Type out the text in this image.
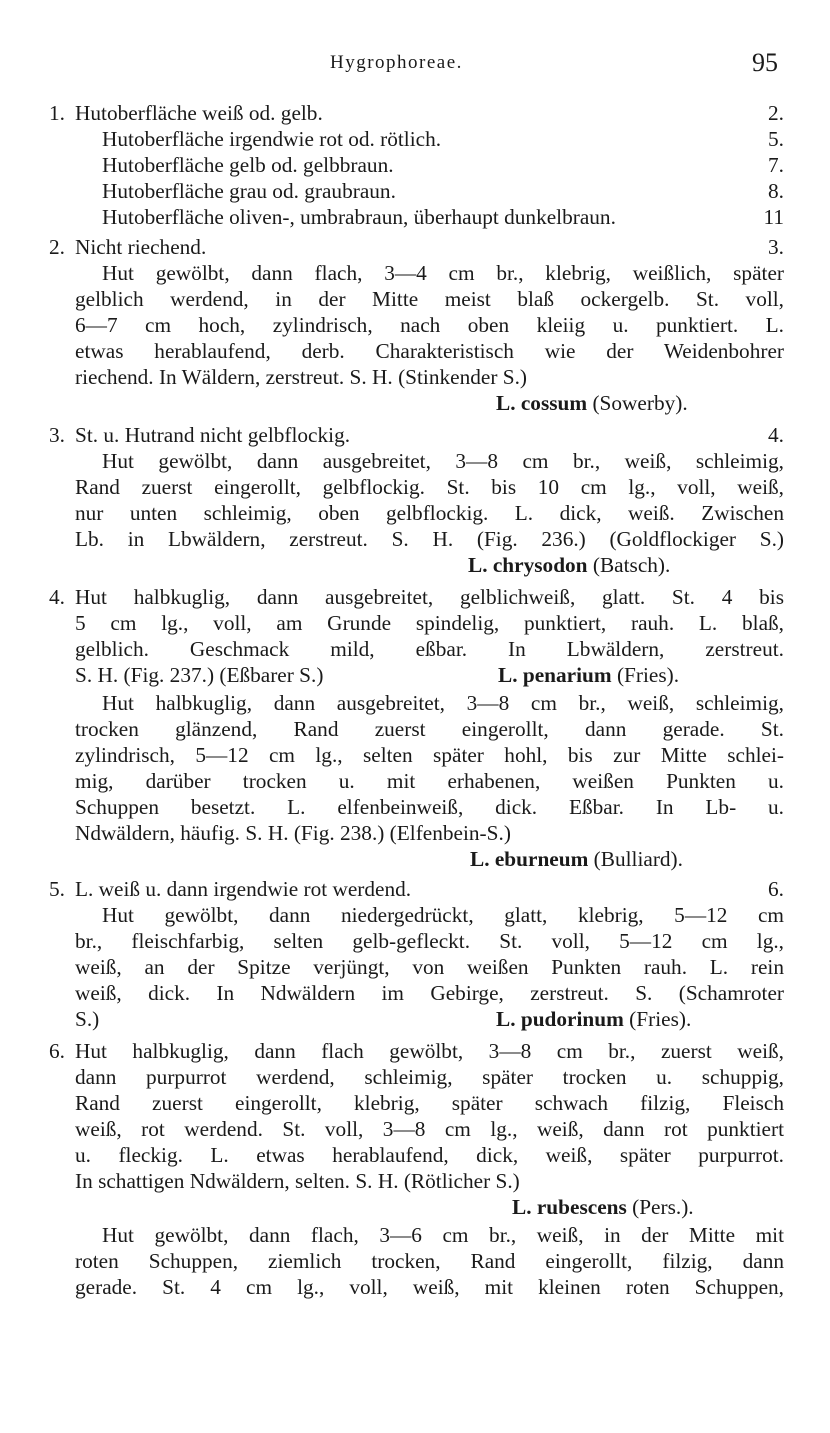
Hygrophoreae.	95
1. Hutoberfläche weiß od. gelb.	2.
Hutoberfläche irgendwie rot od. rötlich.	5.
Hutoberfläche gelb od. gelbbraun.	7.
Hutoberfläche grau od. graubraun.	8.
Hutoberfläche oliven-, umbrabraun, überhaupt dunkelbraun.	11
2. Nicht riechend.	3.
Hut gewölbt, dann flach, 3—4 cm br., klebrig, weißlich, später
gelblich werdend, in der Mitte meist blaß ockergelb. St. voll,
6—7 cm hoch, zylindrisch, nach oben kleiig u. punktiert. L.
etwas herablaufend, derb. Charakteristisch wie der Weidenbohrer
riechend. In Wäldern, zerstreut. S. H. (Stinkender S.)
L. cossum (Sowerby).
3. St. u. Hutrand nicht gelbflockig.	4.
Hut gewölbt, dann ausgebreitet, 3—8 cm br., weiß, schleimig,
Rand zuerst eingerollt, gelbflockig. St. bis 10 cm lg., voll, weiß,
nur unten schleimig, oben gelbflockig. L. dick, weiß. Zwischen
Lb. in Lbwäldern, zerstreut. S. H. (Fig. 236.) (Goldflockiger S.)
L. chrysodon (Batsch).
4. Hut halbkuglig, dann ausgebreitet, gelblichweiß, glatt. St. 4 bis
5 cm lg., voll, am Grunde spindelig, punktiert, rauh. L. blaß,
gelblich. Geschmack mild, eßbar. In Lbwäldern, zerstreut.
S. H. (Fig. 237.) (Eßbarer S.)	L. penarium (Fries).
Hut halbkuglig, dann ausgebreitet, 3—8 cm br., weiß, schleimig,
trocken glänzend, Rand zuerst eingerollt, dann gerade. St.
zylindrisch, 5—12 cm lg., selten später hohl, bis zur Mitte schlei-
mig, darüber trocken u. mit erhabenen, weißen Punkten u.
Schuppen besetzt. L. elfenbeinweiß, dick. Eßbar. In Lb- u.
Ndwäldern, häufig. S. H. (Fig. 238.) (Elfenbein-S.)
L. eburneum (Bulliard).
5. L. weiß u. dann irgendwie rot werdend.	6.
Hut gewölbt, dann niedergedrückt, glatt, klebrig, 5—12 cm
br., fleischfarbig, selten gelb-gefleckt. St. voll, 5—12 cm lg.,
weiß, an der Spitze verjüngt, von weißen Punkten rauh. L. rein
weiß, dick. In Ndwäldern im Gebirge, zerstreut. S. (Schamroter
S.)	L. pudorinum (Fries).
6. Hut halbkuglig, dann flach gewölbt, 3—8 cm br., zuerst weiß,
dann purpurrot werdend, schleimig, später trocken u. schuppig,
Rand zuerst eingerollt, klebrig, später schwach filzig, Fleisch
weiß, rot werdend. St. voll, 3—8 cm lg., weiß, dann rot punktiert
u. fleckig. L. etwas herablaufend, dick, weiß, später purpurrot.
In schattigen Ndwäldern, selten. S. H. (Rötlicher S.)
L. rubescens (Pers.).
Hut gewölbt, dann flach, 3—6 cm br., weiß, in der Mitte mit
roten Schuppen, ziemlich trocken, Rand eingerollt, filzig, dann
gerade. St. 4 cm lg., voll, weiß, mit kleinen roten Schuppen,
